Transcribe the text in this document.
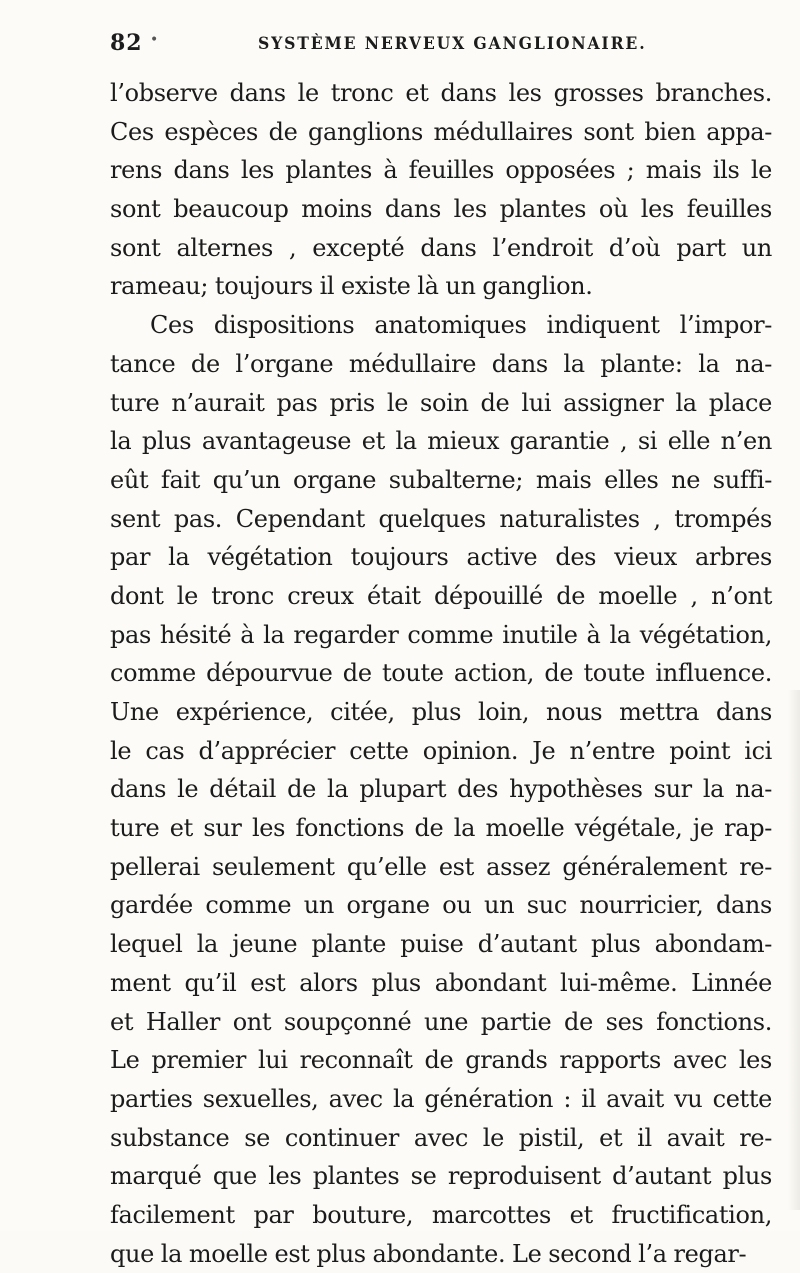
82 •	SYSTÈME NERVEUX GANGLIONAIRE.
l’observe dans le tronc et dans les grosses branches.
Ces espèces de ganglions médullaires sont bien appa-
rens dans les plantes à feuilles opposées ; mais ils le
sont beaucoup moins dans les plantes où les feuilles
sont alternes , excepté dans l’endroit d’où part un
rameau; toujours il existe là un ganglion.
Ces dispositions anatomiques indiquent l’impor-
tance de l’organe médullaire dans la plante: la na-
ture n’aurait pas pris le soin de lui assigner la place
la plus avantageuse et la mieux garantie , si elle n’en
eût fait qu’un organe subalterne; mais elles ne suffi-
sent pas. Cependant quelques naturalistes , trompés
par la végétation toujours active des vieux arbres
dont le tronc creux était dépouillé de moelle , n’ont
pas hésité à la regarder comme inutile à la végétation,
comme dépourvue de toute action, de toute influence.
Une expérience, citée, plus loin, nous mettra dans
le cas d’apprécier cette opinion. Je n’entre point ici
dans le détail de la plupart des hypothèses sur la na-
ture et sur les fonctions de la moelle végétale, je rap-
pellerai seulement qu’elle est assez généralement re-
gardée comme un organe ou un suc nourricier, dans
lequel la jeune plante puise d’autant plus abondam-
ment qu’il est alors plus abondant lui-même. Linnée
et Haller ont soupçonné une partie de ses fonctions.
Le premier lui reconnaît de grands rapports avec les
parties sexuelles, avec la génération : il avait vu cette
substance se continuer avec le pistil, et il avait re-
marqué que les plantes se reproduisent d’autant plus
facilement par bouture, marcottes et fructification,
que la moelle est plus abondante. Le second l’a regar-
